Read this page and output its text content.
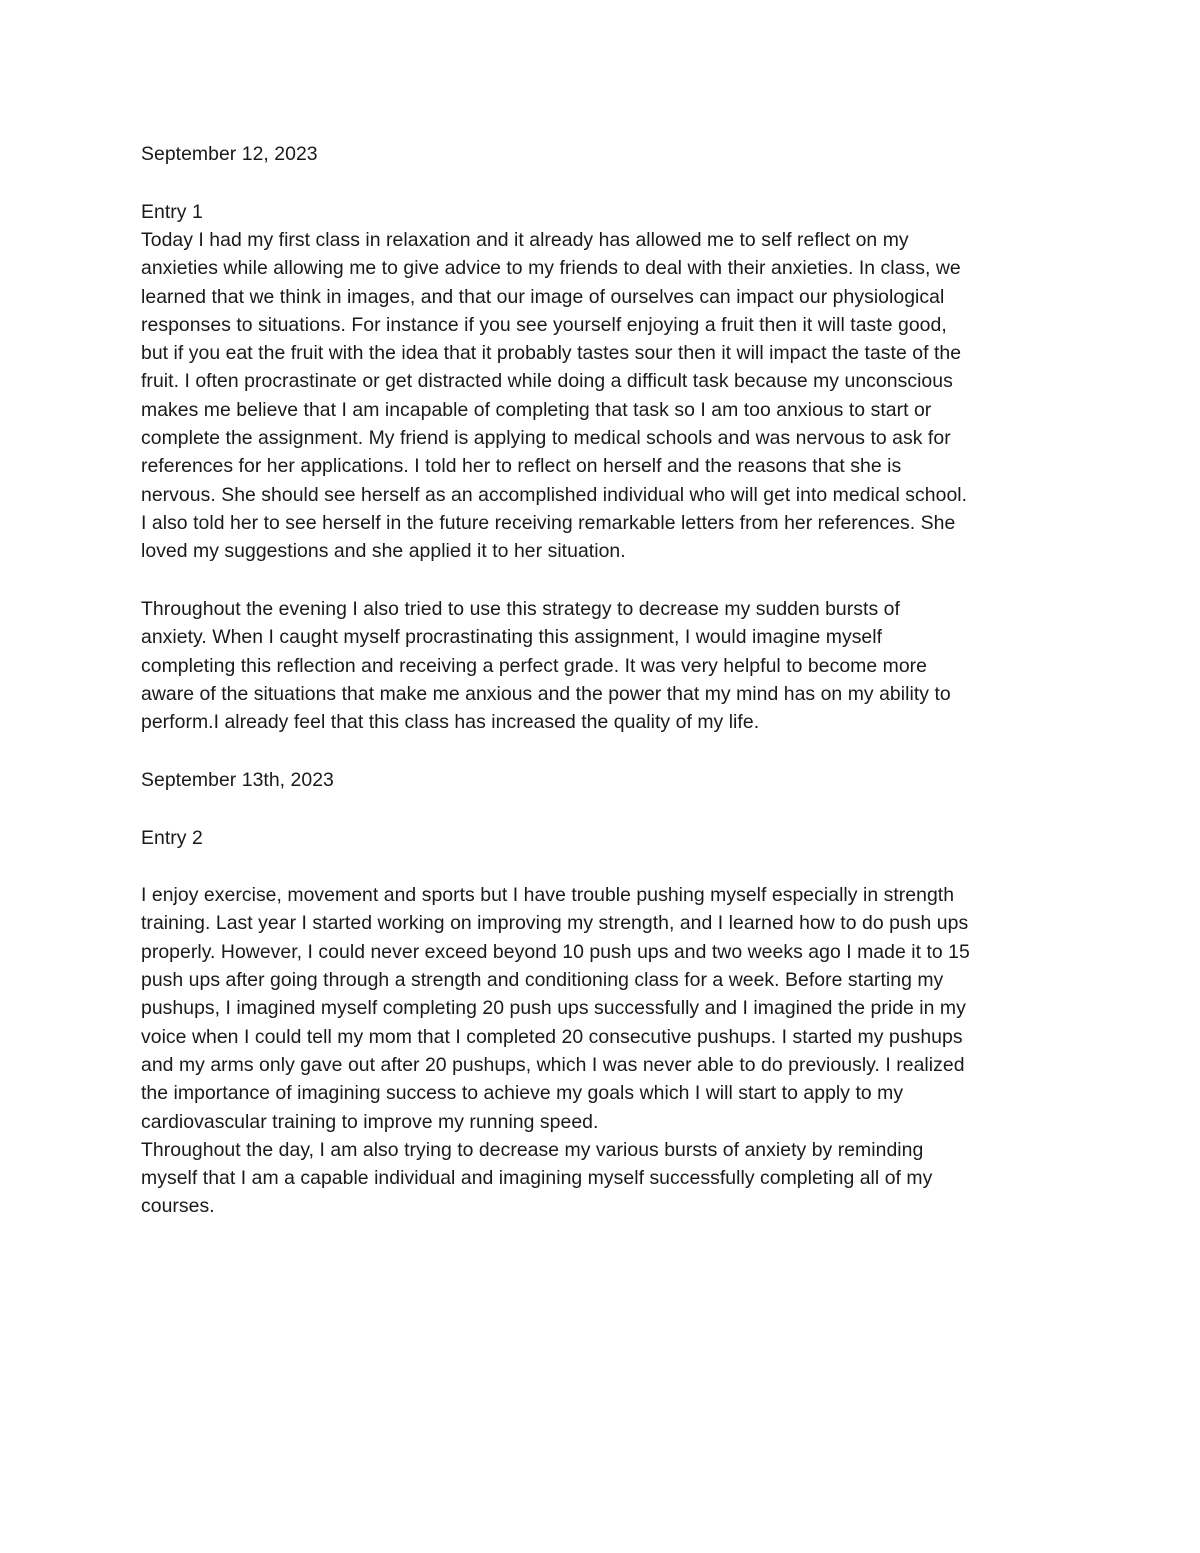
September 12, 2023
Entry 1
Today I had my first class in relaxation and it already has allowed me to self reflect on my
anxieties while allowing me to give advice to my friends to deal with their anxieties. In class, we
learned that we think in images, and that our image of ourselves can impact our physiological
responses to situations. For instance if you see yourself enjoying a fruit then it will taste good,
but if you eat the fruit with the idea that it probably tastes sour then it will impact the taste of the
fruit. I often procrastinate or get distracted while doing a difficult task because my unconscious
makes me believe that I am incapable of completing that task so I am too anxious to start or
complete the assignment. My friend is applying to medical schools and was nervous to ask for
references for her applications. I told her to reflect on herself and the reasons that she is
nervous. She should see herself as an accomplished individual who will get into medical school.
I also told her to see herself in the future receiving remarkable letters from her references. She
loved my suggestions and she applied it to her situation.
Throughout the evening I also tried to use this strategy to decrease my sudden bursts of
anxiety. When I caught myself procrastinating this assignment, I would imagine myself
completing this reflection and receiving a perfect grade. It was very helpful to become more
aware of the situations that make me anxious and the power that my mind has on my ability to
perform.I already feel that this class has increased the quality of my life.
September 13th, 2023
Entry 2
I enjoy exercise, movement and sports but I have trouble pushing myself especially in strength
training. Last year I started working on improving my strength, and I learned how to do push ups
properly. However, I could never exceed beyond 10 push ups and two weeks ago I made it to 15
push ups after going through a strength and conditioning class for a week. Before starting my
pushups, I imagined myself completing 20 push ups successfully and I imagined the pride in my
voice when I could tell my mom that I completed 20 consecutive pushups. I started my pushups
and my arms only gave out after 20 pushups, which I was never able to do previously. I realized
the importance of imagining success to achieve my goals which I will start to apply to my
cardiovascular training to improve my running speed.
Throughout the day, I am also trying to decrease my various bursts of anxiety by reminding
myself that I am a capable individual and imagining myself successfully completing all of my
courses.
